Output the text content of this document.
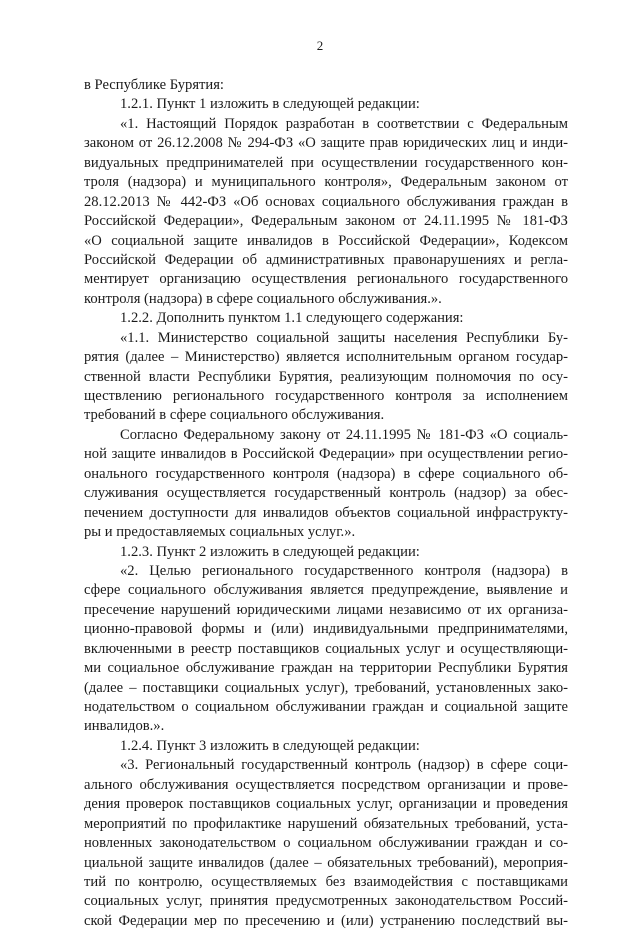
2
в Республике Бурятия:
1.2.1. Пункт 1 изложить в следующей редакции:
«1. Настоящий Порядок разработан в соответствии с Федеральным
законом от 26.12.2008 № 294-ФЗ «О защите прав юридических лиц и инди-
видуальных предпринимателей при осуществлении государственного кон-
троля (надзора) и муниципального контроля», Федеральным законом от
28.12.2013 № 442-ФЗ «Об основах социального обслуживания граждан в
Российской Федерации», Федеральным законом от 24.11.1995 № 181-ФЗ
«О социальной защите инвалидов в Российской Федерации», Кодексом
Российской Федерации об административных правонарушениях и регла-
ментирует организацию осуществления регионального государственного
контроля (надзора) в сфере социального обслуживания.».
1.2.2. Дополнить пунктом 1.1 следующего содержания:
«1.1. Министерство социальной защиты населения Республики Бу-
рятия (далее – Министерство) является исполнительным органом государ-
ственной власти Республики Бурятия, реализующим полномочия по осу-
ществлению регионального государственного контроля за исполнением
требований в сфере социального обслуживания.
Согласно Федеральному закону от 24.11.1995 № 181-ФЗ «О социаль-
ной защите инвалидов в Российской Федерации» при осуществлении регио-
онального государственного контроля (надзора) в сфере социального об-
служивания осуществляется государственный контроль (надзор) за обес-
печением доступности для инвалидов объектов социальной инфраструкту-
ры и предоставляемых социальных услуг.».
1.2.3. Пункт 2 изложить в следующей редакции:
«2. Целью регионального государственного контроля (надзора) в
сфере социального обслуживания является предупреждение, выявление и
пресечение нарушений юридическими лицами независимо от их организа-
ционно-правовой формы и (или) индивидуальными предпринимателями,
включенными в реестр поставщиков социальных услуг и осуществляющи-
ми социальное обслуживание граждан на территории Республики Бурятия
(далее – поставщики социальных услуг), требований, установленных зако-
нодательством о социальном обслуживании граждан и социальной защите
инвалидов.».
1.2.4. Пункт 3 изложить в следующей редакции:
«3. Региональный государственный контроль (надзор) в сфере соци-
ального обслуживания осуществляется посредством организации и прове-
дения проверок поставщиков социальных услуг, организации и проведения
мероприятий по профилактике нарушений обязательных требований, уста-
новленных законодательством о социальном обслуживании граждан и со-
циальной защите инвалидов (далее – обязательных требований), мероприя-
тий по контролю, осуществляемых без взаимодействия с поставщиками
социальных услуг, принятия предусмотренных законодательством Россий-
ской Федерации мер по пресечению и (или) устранению последствий вы-
